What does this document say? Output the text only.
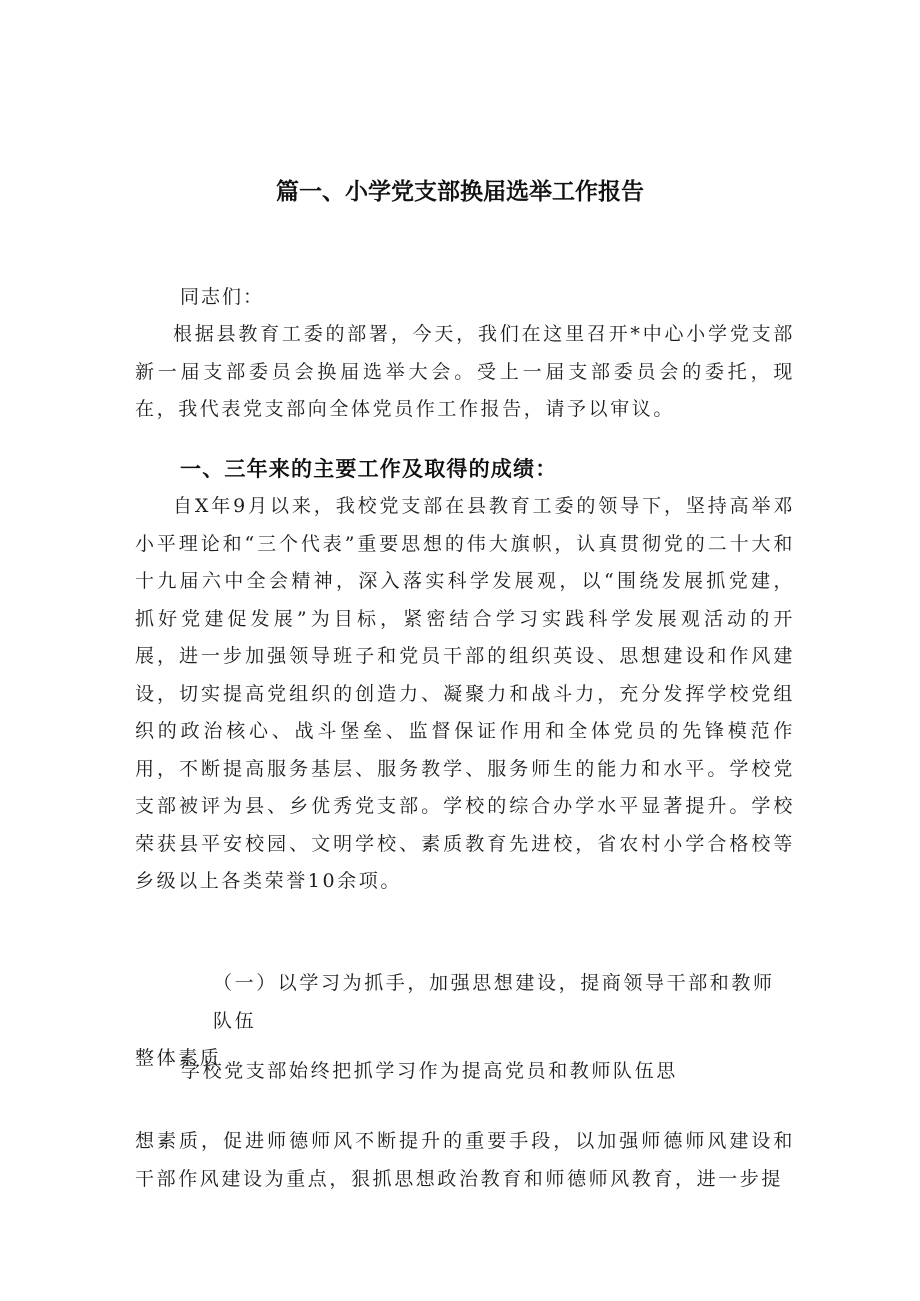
篇一、小学党支部换届选举工作报告
同志们：

根据县教育工委的部署，今天，我们在这里召开*中心小学党支部新一届支部委员会换届选举大会。受上一届支部委员会的委托，现在，我代表党支部向全体党员作工作报告，请予以审议。

一、三年来的主要工作及取得的成绩：

自X年9月以来，我校党支部在县教育工委的领导下，坚持高举邓小平理论和“三个代表”重要思想的伟大旗帜，认真贯彻党的二十大和十九届六中全会精神，深入落实科学发展观，以“围绕发展抓党建，抓好党建促发展”为目标，紧密结合学习实践科学发展观活动的开展，进一步加强领导班子和党员干部的组织英设、思想建设和作风建设，切实提高党组织的创造力、凝聚力和战斗力，充分发挥学校党组织的政治核心、战斗堡垒、监督保证作用和全体党员的先锋模范作用，不断提高服务基层、服务教学、服务师生的能力和水平。学校党支部被评为县、乡优秀党支部。学校的综合办学水平显著提升。学校荣获县平安校园、文明学校、素质教育先进校，省农村小学合格校等乡级以上各类荣誉10余项。

（一）以学习为抓手，加强思想建设，提商领导干部和教师队伍
整体素质

学校党支部始终把抓学习作为提高党员和教师队伍思

想素质，促进师德师风不断提升的重要手段，以加强师德师风建设和干部作风建设为重点，狠抓思想政治教育和师德师风教育，进一步提
